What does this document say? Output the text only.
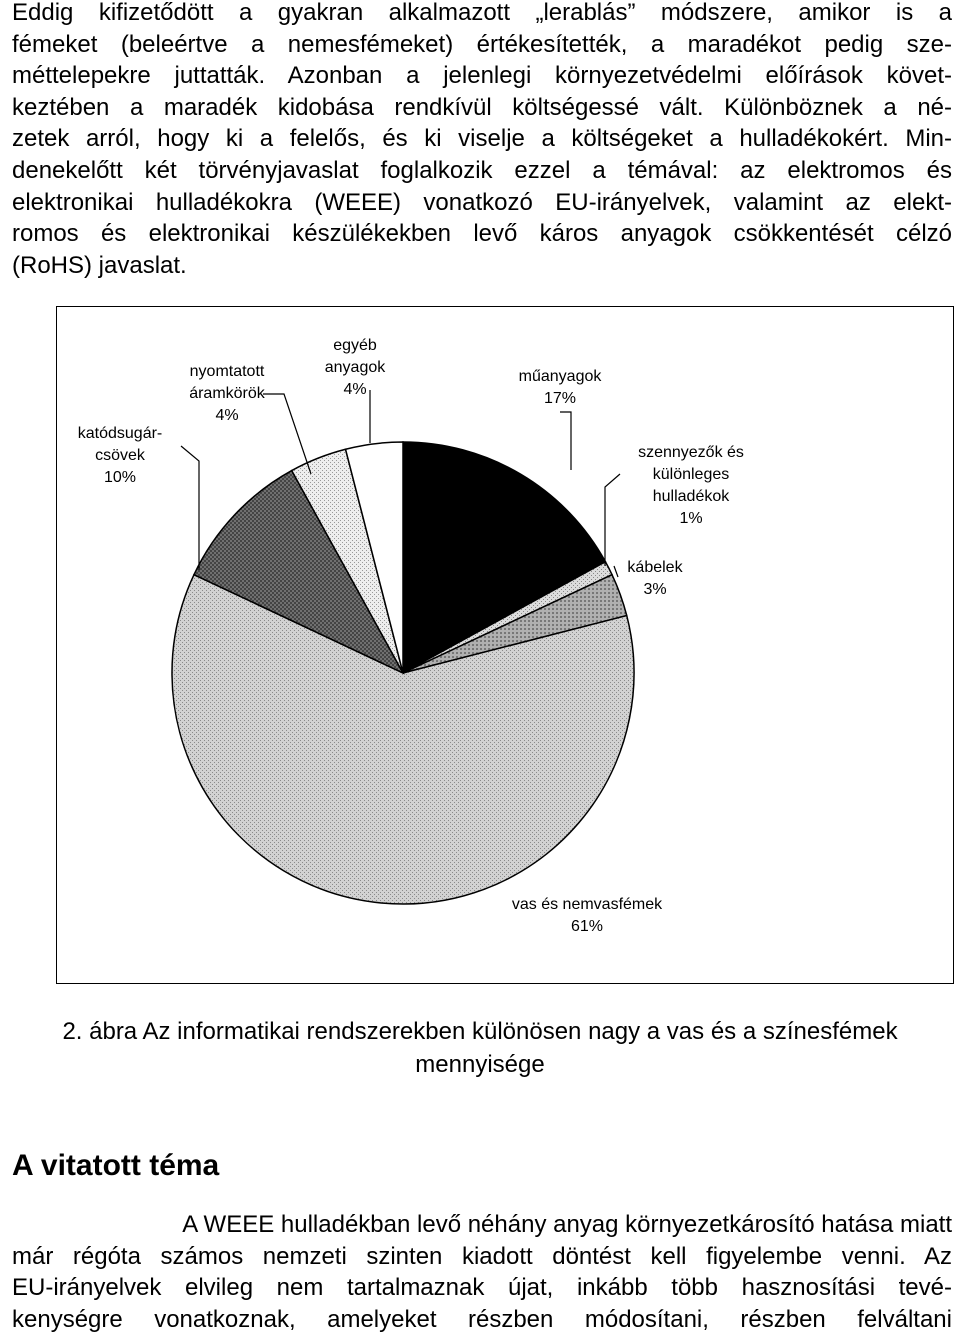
Eddig kifizetődött a gyakran alkalmazott „lerablás” módszere, amikor is a
fémeket (beleértve a nemesfémeket) értékesítették, a maradékot pedig sze-
méttelepekre juttatták. Azonban a jelenlegi környezetvédelmi előírások követ-
keztében a maradék kidobása rendkívül költségessé vált. Különböznek a né-
zetek arról, hogy ki a felelős, és ki viselje a költségeket a hulladékokért. Min-
denekelőtt két törvényjavaslat foglalkozik ezzel a témával: az elektromos és
elektronikai hulladékokra (WEEE) vonatkozó EU-irányelvek, valamint az elekt-
romos és elektronikai készülékekben levő káros anyagok csökkentését célzó
(RoHS) javaslat.
műanyagok
17%
szennyezők és
különleges
hulladékok
1%
kábelek
3%
vas és nemvasfémek
61%
katódsugár-
csövek
10%
nyomtatott
áramkörök
4%
egyéb
anyagok
4%
2. ábra Az informatikai rendszerekben különösen nagy a vas és a színesfémek
mennyisége
A vitatott téma
A WEEE hulladékban levő néhány anyag környezetkárosító hatása miatt
már régóta számos nemzeti szinten kiadott döntést kell figyelembe venni. Az
EU-irányelvek elvileg nem tartalmaznak újat, inkább több hasznosítási tevé-
kenységre vonatkoznak, amelyeket részben módosítani, részben felváltani
